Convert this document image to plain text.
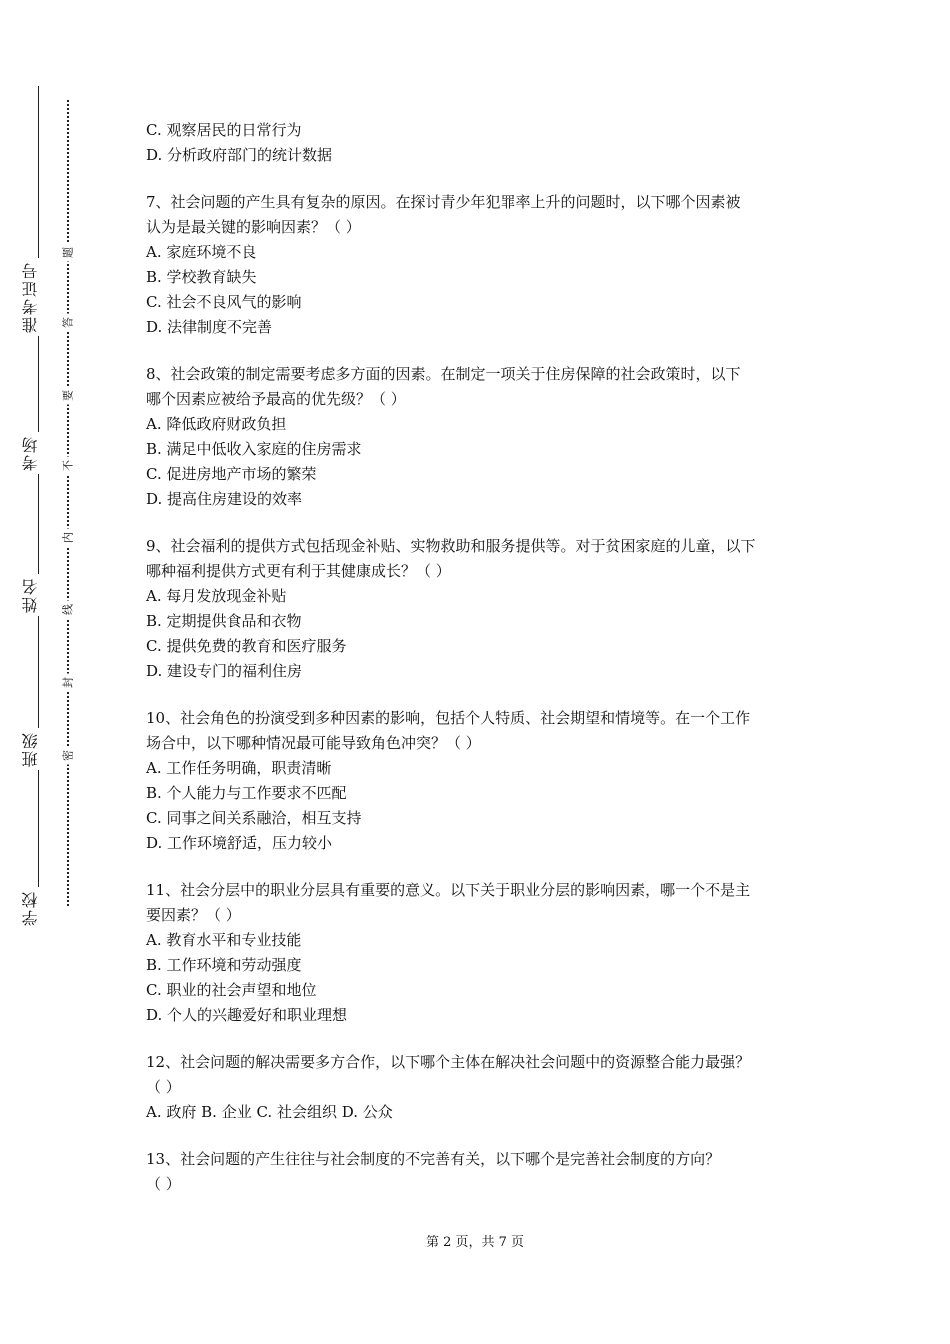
准考证号
考场
姓名
班级
学校
题
答
要
不
内
线
封
密
C. 观察居民的日常行为
D. 分析政府部门的统计数据
7、社会问题的产生具有复杂的原因。在探讨青少年犯罪率上升的问题时，以下哪个因素被
认为是最关键的影响因素？（ ）
A. 家庭环境不良
B. 学校教育缺失
C. 社会不良风气的影响
D. 法律制度不完善
8、社会政策的制定需要考虑多方面的因素。在制定一项关于住房保障的社会政策时，以下
哪个因素应被给予最高的优先级？（ ）
A. 降低政府财政负担
B. 满足中低收入家庭的住房需求
C. 促进房地产市场的繁荣
D. 提高住房建设的效率
9、社会福利的提供方式包括现金补贴、实物救助和服务提供等。对于贫困家庭的儿童，以下
哪种福利提供方式更有利于其健康成长？（ ）
A. 每月发放现金补贴
B. 定期提供食品和衣物
C. 提供免费的教育和医疗服务
D. 建设专门的福利住房
10、社会角色的扮演受到多种因素的影响，包括个人特质、社会期望和情境等。在一个工作
场合中，以下哪种情况最可能导致角色冲突？（ ）
A. 工作任务明确，职责清晰
B. 个人能力与工作要求不匹配
C. 同事之间关系融洽，相互支持
D. 工作环境舒适，压力较小
11、社会分层中的职业分层具有重要的意义。以下关于职业分层的影响因素，哪一个不是主
要因素？（ ）
A. 教育水平和专业技能
B. 工作环境和劳动强度
C. 职业的社会声望和地位
D. 个人的兴趣爱好和职业理想
12、社会问题的解决需要多方合作，以下哪个主体在解决社会问题中的资源整合能力最强？
（ ）
A. 政府 B. 企业 C. 社会组织 D. 公众
13、社会问题的产生往往与社会制度的不完善有关，以下哪个是完善社会制度的方向？
（ ）
第 2 页，共 7 页
